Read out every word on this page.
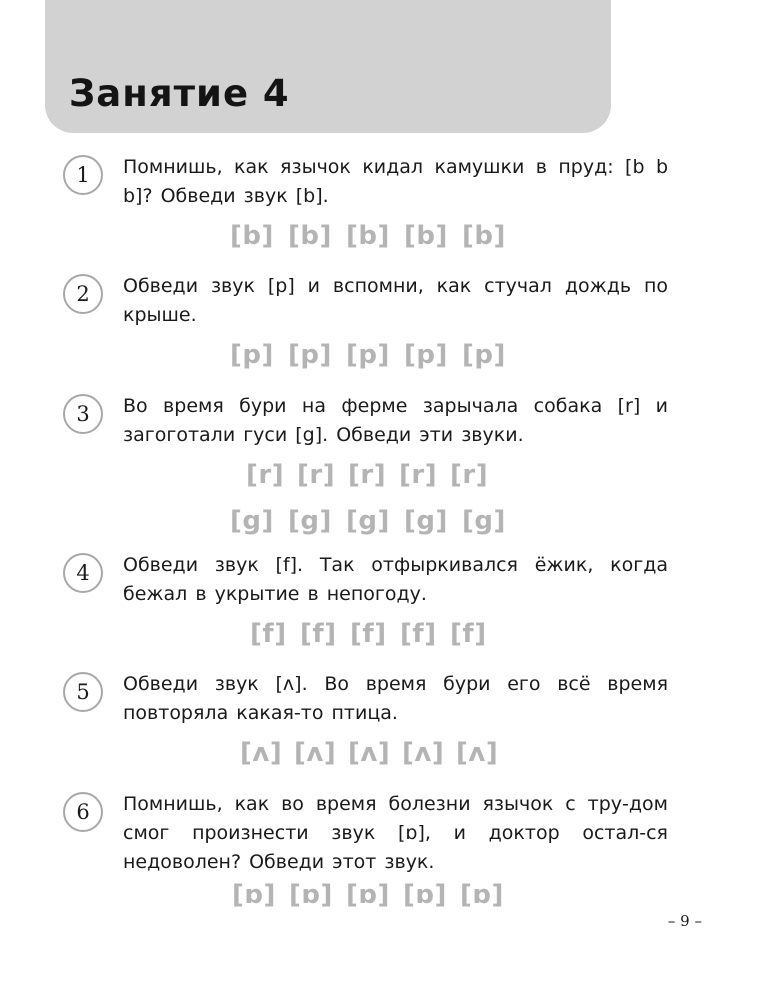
Занятие 4
1	Помнишь, как язычок кидал камушки в пруд: [b b b]? Обведи звук [b].

[b] [b] [b] [b] [b]
2	Обведи звук [p] и вспомни, как стучал дождь по крыше.

[p] [p] [p] [p] [p]
3	Во время бури на ферме зарычала собака [r] и загоготали гуси [g]. Обведи эти звуки.

[r] [r] [r] [r] [r]
[g] [g] [g] [g] [g]
4	Обведи звук [f]. Так отфыркивался ёжик, когда бежал в укрытие в непогоду.

[f] [f] [f] [f] [f]
5	Обведи звук [ʌ]. Во время бури его всё время повторяла какая-то птица.

[ʌ] [ʌ] [ʌ] [ʌ] [ʌ]
6	Помнишь, как во время болезни язычок с тру-дом смог произнести звук [ɒ], и доктор остал-ся недоволен? Обведи этот звук.

[ɒ] [ɒ] [ɒ] [ɒ] [ɒ]
– 9 –
